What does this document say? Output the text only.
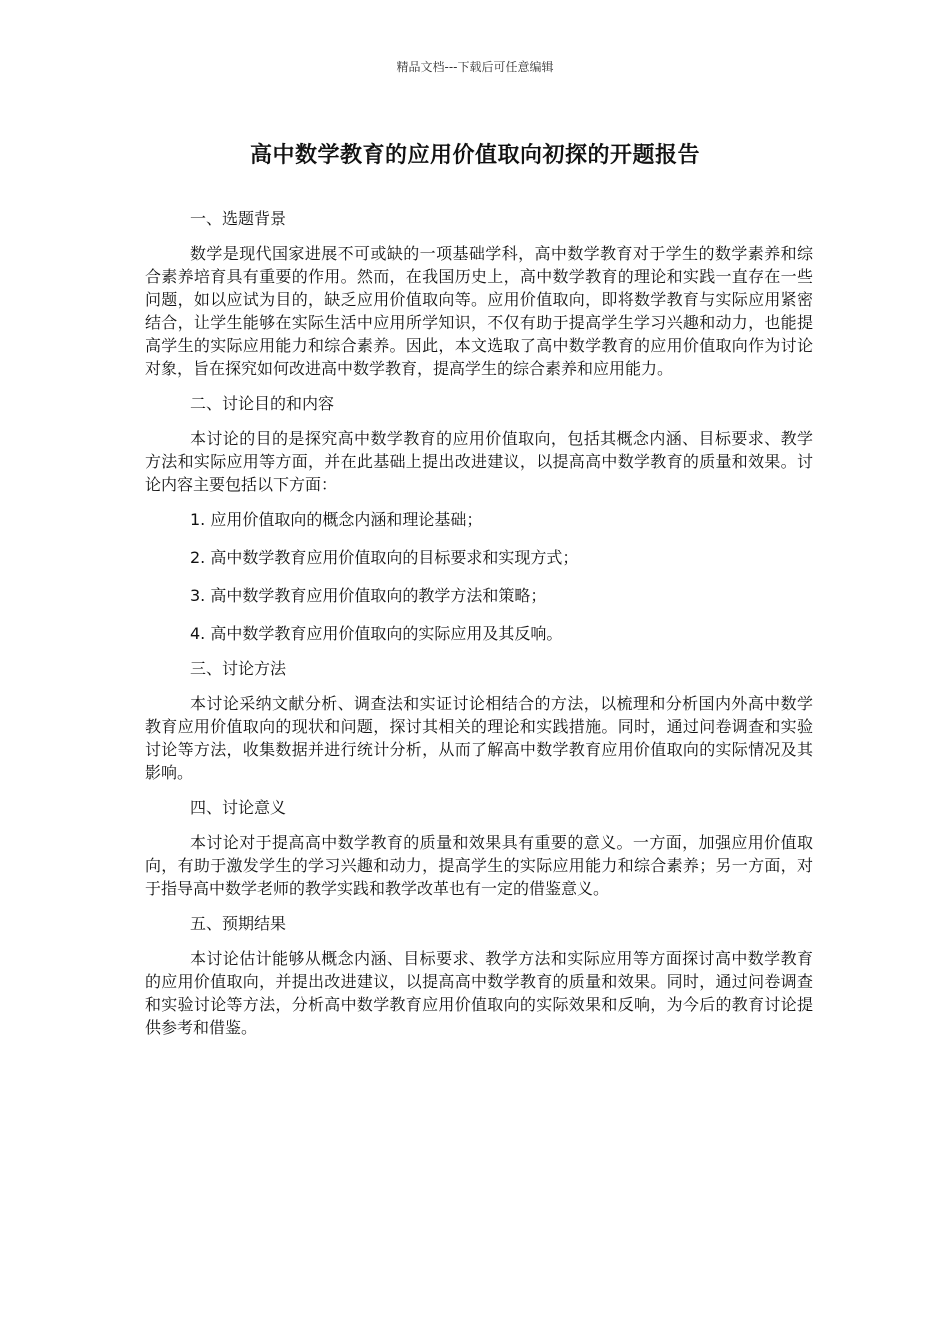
精品文档---下载后可任意编辑
高中数学教育的应用价值取向初探的开题报告

一、选题背景

数学是现代国家进展不可或缺的一项基础学科，高中数学教育对于学生的数学素养和综合素养培育具有重要的作用。然而，在我国历史上，高中数学教育的理论和实践一直存在一些问题，如以应试为目的，缺乏应用价值取向等。应用价值取向，即将数学教育与实际应用紧密结合，让学生能够在实际生活中应用所学知识，不仅有助于提高学生学习兴趣和动力，也能提高学生的实际应用能力和综合素养。因此，本文选取了高中数学教育的应用价值取向作为讨论对象，旨在探究如何改进高中数学教育，提高学生的综合素养和应用能力。

二、讨论目的和内容

本讨论的目的是探究高中数学教育的应用价值取向，包括其概念内涵、目标要求、教学方法和实际应用等方面，并在此基础上提出改进建议，以提高高中数学教育的质量和效果。讨论内容主要包括以下方面：

1. 应用价值取向的概念内涵和理论基础；

2. 高中数学教育应用价值取向的目标要求和实现方式；

3. 高中数学教育应用价值取向的教学方法和策略；

4. 高中数学教育应用价值取向的实际应用及其反响。

三、讨论方法

本讨论采纳文献分析、调查法和实证讨论相结合的方法，以梳理和分析国内外高中数学教育应用价值取向的现状和问题，探讨其相关的理论和实践措施。同时，通过问卷调查和实验讨论等方法，收集数据并进行统计分析，从而了解高中数学教育应用价值取向的实际情况及其影响。

四、讨论意义

本讨论对于提高高中数学教育的质量和效果具有重要的意义。一方面，加强应用价值取向，有助于激发学生的学习兴趣和动力，提高学生的实际应用能力和综合素养；另一方面，对于指导高中数学老师的教学实践和教学改革也有一定的借鉴意义。

五、预期结果

本讨论估计能够从概念内涵、目标要求、教学方法和实际应用等方面探讨高中数学教育的应用价值取向，并提出改进建议，以提高高中数学教育的质量和效果。同时，通过问卷调查和实验讨论等方法，分析高中数学教育应用价值取向的实际效果和反响，为今后的教育讨论提供参考和借鉴。
